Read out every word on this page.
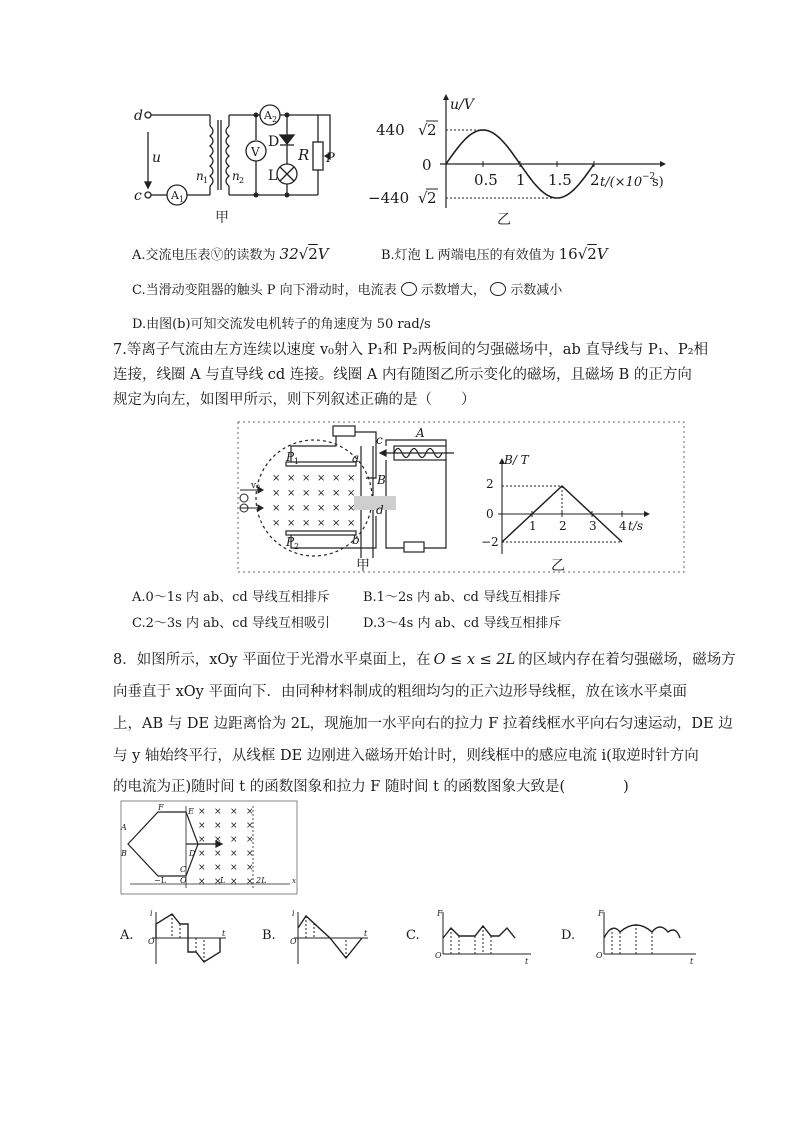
d
c
u
A 1
A 2
V
n 1 n 2
D
L
R P
甲
0.5 1 1.5 2
u/V
440 √ 2
0
−440 √ 2
t/(×10 −2
s)
乙
A.交流电压表Ⓥ的读数为 32√2V	B.灯泡 L 两端电压的有效值为 16√2V
C.当滑动变阻器的触头 P 向下滑动时，电流表 示数增大， 示数减小
D.由图(b)可知交流发电机转子的角速度为 50 rad/s
7.等离子气流由左方连续以速度 v₀射入 P₁和 P₂两板间的匀强磁场中，ab 直导线与 P₁、P₂相
连接，线圈 A 与直导线 cd 连接。线圈 A 内有随图乙所示变化的磁场，且磁场 B 的正方向
规定为向左，如图甲所示，则下列叙述正确的是（　　）
× × × × × ×
× × × × × ×
× × × × × ×
× × × × × ×
v₀
P 1
P 2
a
b
c
d
A
B
甲
B/ T
2
0
−2
1 2 3 4 t/s
乙
A.0～1s 内 ab、cd 导线互相排斥	B.1～2s 内 ab、cd 导线互相排斥
C.2～3s 内 ab、cd 导线互相吸引	D.3～4s 内 ab、cd 导线互相排斥
8．如图所示，xOy 平面位于光滑水平桌面上，在 O ≤ x ≤ 2L 的区域内存在着匀强磁场，磁场方
向垂直于 xOy 平面向下．由同种材料制成的粗细均匀的正六边形导线框，放在该水平桌面
上，AB 与 DE 边距离恰为 2L，现施加一水平向右的拉力 F 拉着线框水平向右匀速运动，DE 边
与 y 轴始终平行，从线框 DE 边刚进入磁场开始计时，则线框中的感应电流 i(取逆时针方向
的电流为正)随时间 t 的函数图象和拉力 F 随时间 t 的函数图象大致是(　　　　)
× × × ×
× × × ×
× × × ×
× × × ×
× × × ×
× × × ×
F	E
A
D
B
C
O
−L	L	2L	x
A.	B.	C.	D.
i
O
t
i
O
t
F
O
t
F
O
t
